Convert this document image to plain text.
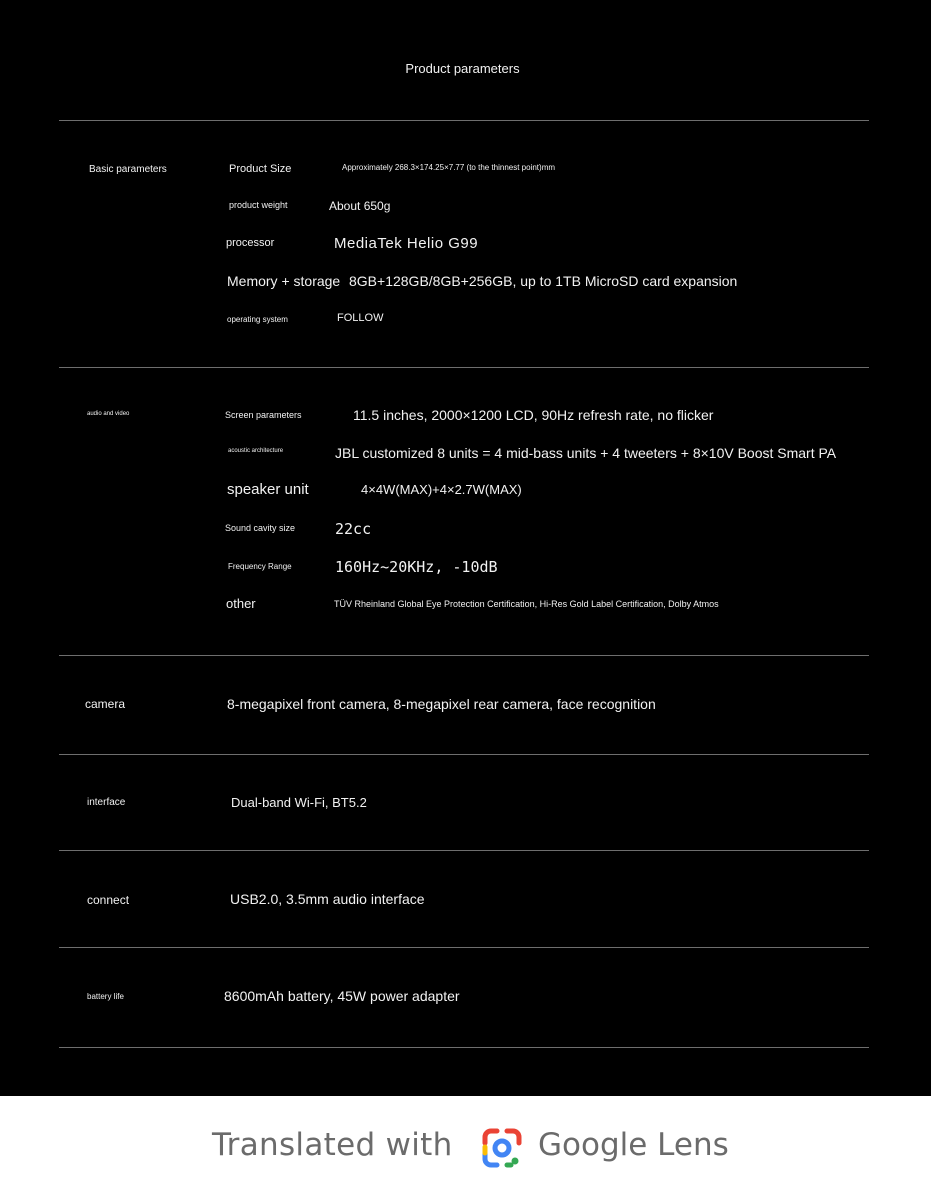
Product parameters
Basic parameters	Product Size	Approximately 268.3×174.25×7.77 (to the thinnest point)mm
product weight	About 650g
processor	MediaTek Helio G99
Memory + storage 8GB+128GB/8GB+256GB, up to 1TB MicroSD card expansion
operating system	FOLLOW
audio and video	Screen parameters	11.5 inches, 2000×1200 LCD, 90Hz refresh rate, no flicker
acoustic architecture	JBL customized 8 units = 4 mid-bass units + 4 tweeters + 8×10V Boost Smart PA
speaker unit	4×4W(MAX)+4×2.7W(MAX)
Sound cavity size	22cc
Frequency Range	160Hz~20KHz, -10dB
other	TÜV Rheinland Global Eye Protection Certification, Hi-Res Gold Label Certification, Dolby Atmos
camera	8-megapixel front camera, 8-megapixel rear camera, face recognition
interface	Dual-band Wi-Fi, BT5.2
connect	USB2.0, 3.5mm audio interface
battery life	8600mAh battery, 45W power adapter
Translated with	Google Lens
